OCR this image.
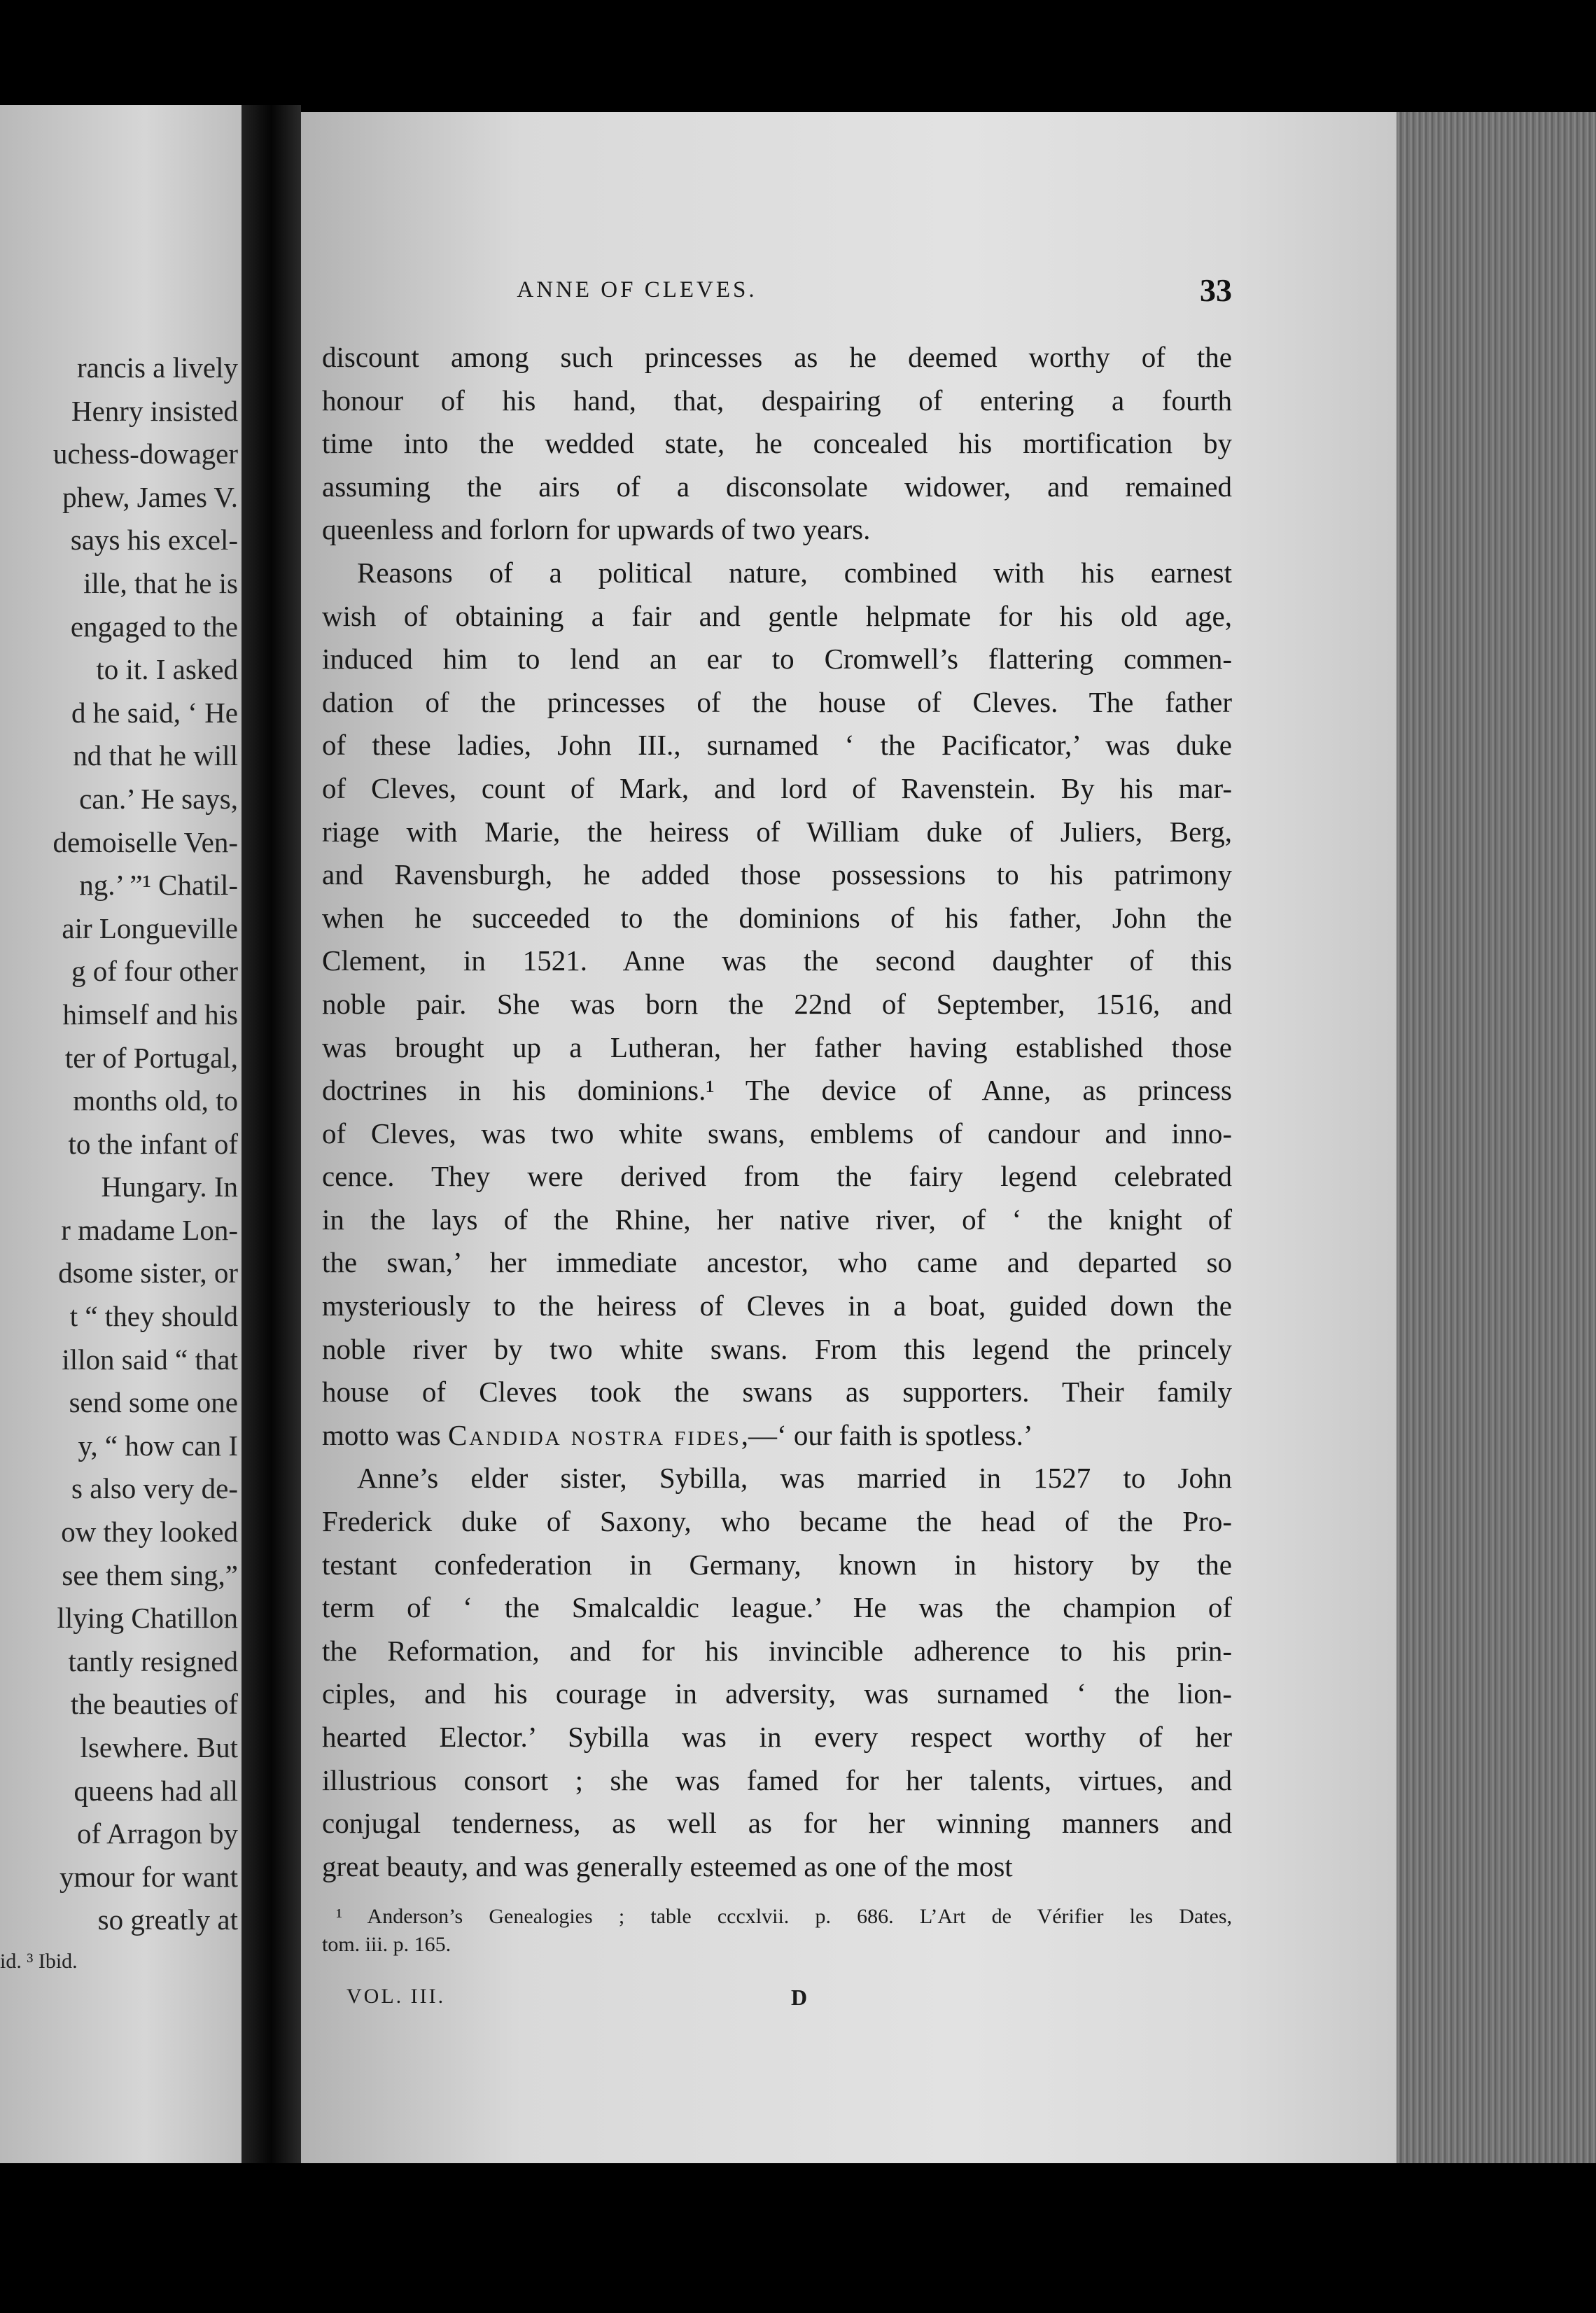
rancis a lively
Henry insisted
uchess-dowager
phew, James V.
says his excel-
ille, that he is
engaged to the
to it. I asked
d he said, ‘ He
nd that he will
can.’ He says,
demoiselle Ven-
ng.’ ”¹ Chatil-
air Longueville
g of four other
himself and his
ter of Portugal,
months old, to
to the infant of
Hungary. In
r madame Lon-
dsome sister, or
t “ they should
illon said “ that
send some one
y, “ how can I
s also very de-
ow they looked
see them sing,”
llying Chatillon
tantly resigned
the beauties of
lsewhere. But
queens had all
of Arragon by
ymour for want
so greatly at
id. ³ Ibid.
ANNE OF CLEVES.	33
discount among such princesses as he deemed worthy of the
honour of his hand, that, despairing of entering a fourth
time into the wedded state, he concealed his mortification by
assuming the airs of a disconsolate widower, and remained
queenless and forlorn for upwards of two years.
Reasons of a political nature, combined with his earnest
wish of obtaining a fair and gentle helpmate for his old age,
induced him to lend an ear to Cromwell’s flattering commen-
dation of the princesses of the house of Cleves. The father
of these ladies, John III., surnamed ‘ the Pacificator,’ was duke
of Cleves, count of Mark, and lord of Ravenstein. By his mar-
riage with Marie, the heiress of William duke of Juliers, Berg,
and Ravensburgh, he added those possessions to his patrimony
when he succeeded to the dominions of his father, John the
Clement, in 1521. Anne was the second daughter of this
noble pair. She was born the 22nd of September, 1516, and
was brought up a Lutheran, her father having established those
doctrines in his dominions.¹ The device of Anne, as princess
of Cleves, was two white swans, emblems of candour and inno-
cence. They were derived from the fairy legend celebrated
in the lays of the Rhine, her native river, of ‘ the knight of
the swan,’ her immediate ancestor, who came and departed so
mysteriously to the heiress of Cleves in a boat, guided down the
noble river by two white swans. From this legend the princely
house of Cleves took the swans as supporters. Their family
motto was Candida nostra fides,—‘ our faith is spotless.’
Anne’s elder sister, Sybilla, was married in 1527 to John
Frederick duke of Saxony, who became the head of the Pro-
testant confederation in Germany, known in history by the
term of ‘ the Smalcaldic league.’ He was the champion of
the Reformation, and for his invincible adherence to his prin-
ciples, and his courage in adversity, was surnamed ‘ the lion-
hearted Elector.’ Sybilla was in every respect worthy of her
illustrious consort ; she was famed for her talents, virtues, and
conjugal tenderness, as well as for her winning manners and
great beauty, and was generally esteemed as one of the most
¹ Anderson’s Genealogies ; table cccxlvii. p. 686. L’Art de Vérifier les Dates,
tom. iii. p. 165.
VOL. III.	D
